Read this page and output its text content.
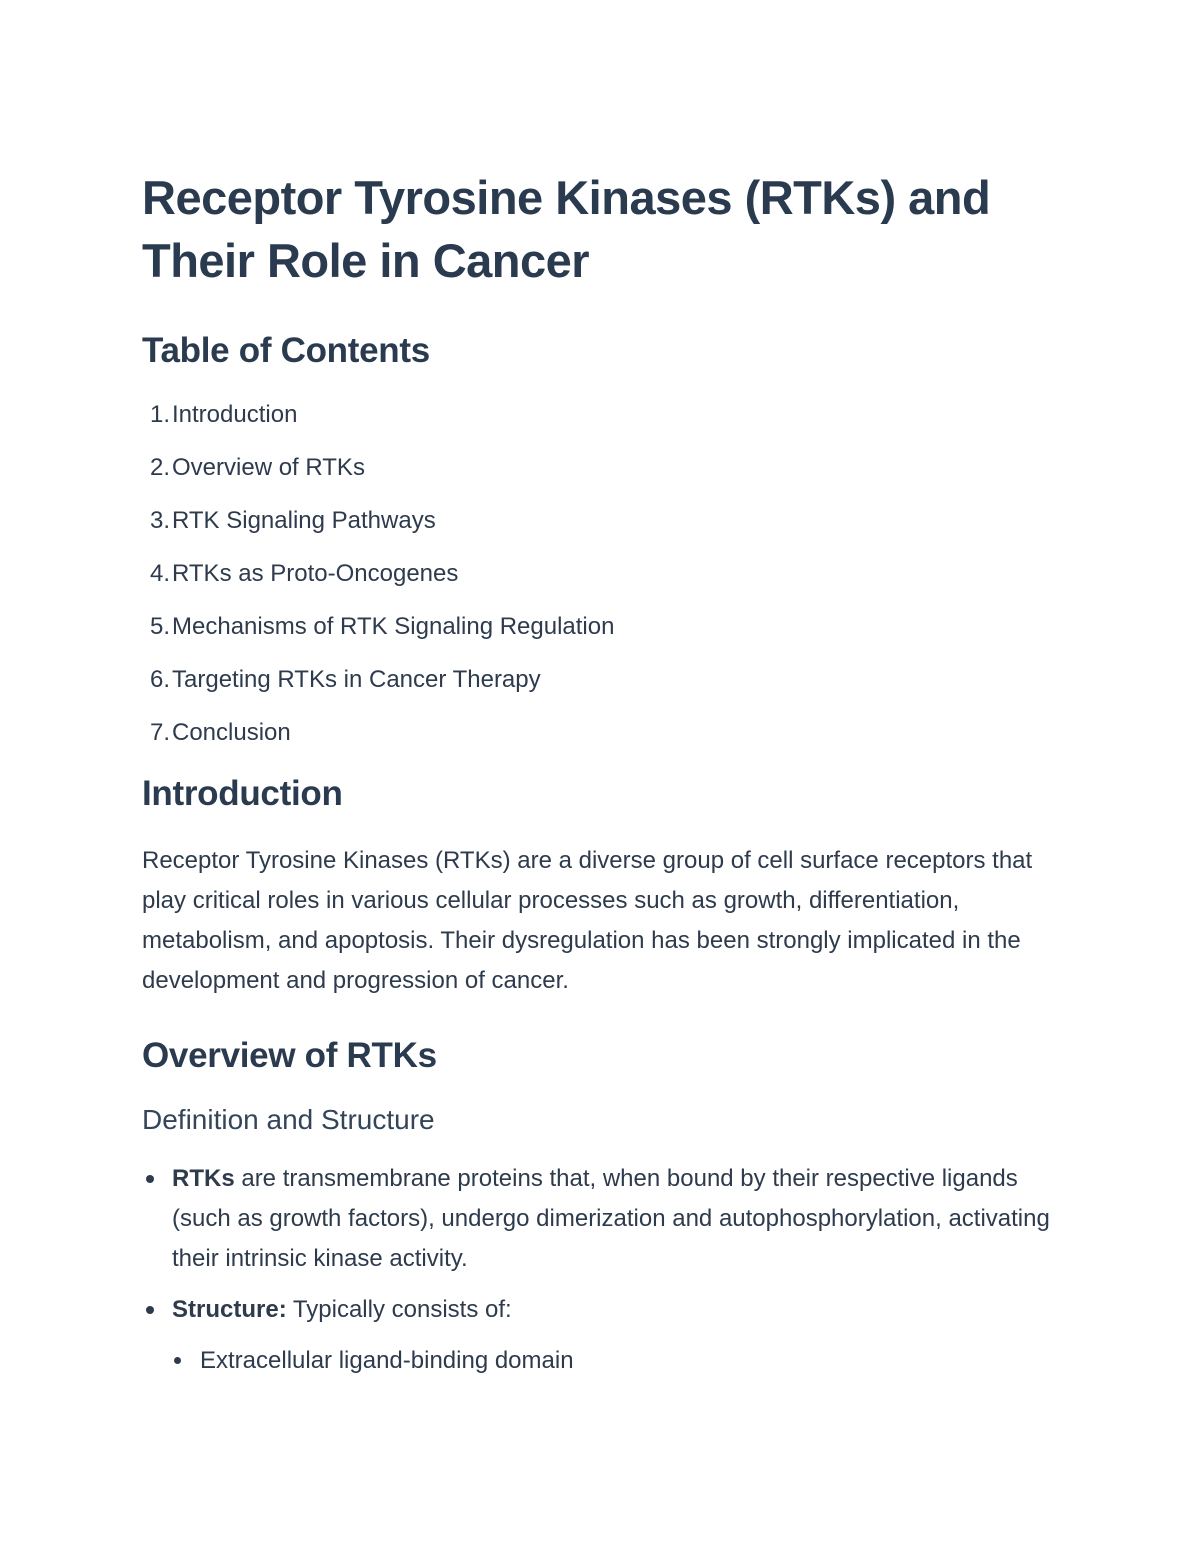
Receptor Tyrosine Kinases (RTKs) and Their Role in Cancer
Table of Contents
1. Introduction
2. Overview of RTKs
3. RTK Signaling Pathways
4. RTKs as Proto-Oncogenes
5. Mechanisms of RTK Signaling Regulation
6. Targeting RTKs in Cancer Therapy
7. Conclusion
Introduction

Receptor Tyrosine Kinases (RTKs) are a diverse group of cell surface receptors that play critical roles in various cellular processes such as growth, differentiation, metabolism, and apoptosis. Their dysregulation has been strongly implicated in the development and progression of cancer.

Overview of RTKs
Definition and Structure
RTKs are transmembrane proteins that, when bound by their respective ligands (such as growth factors), undergo dimerization and autophosphorylation, activating their intrinsic kinase activity.
Structure: Typically consists of:
Extracellular ligand-binding domain
